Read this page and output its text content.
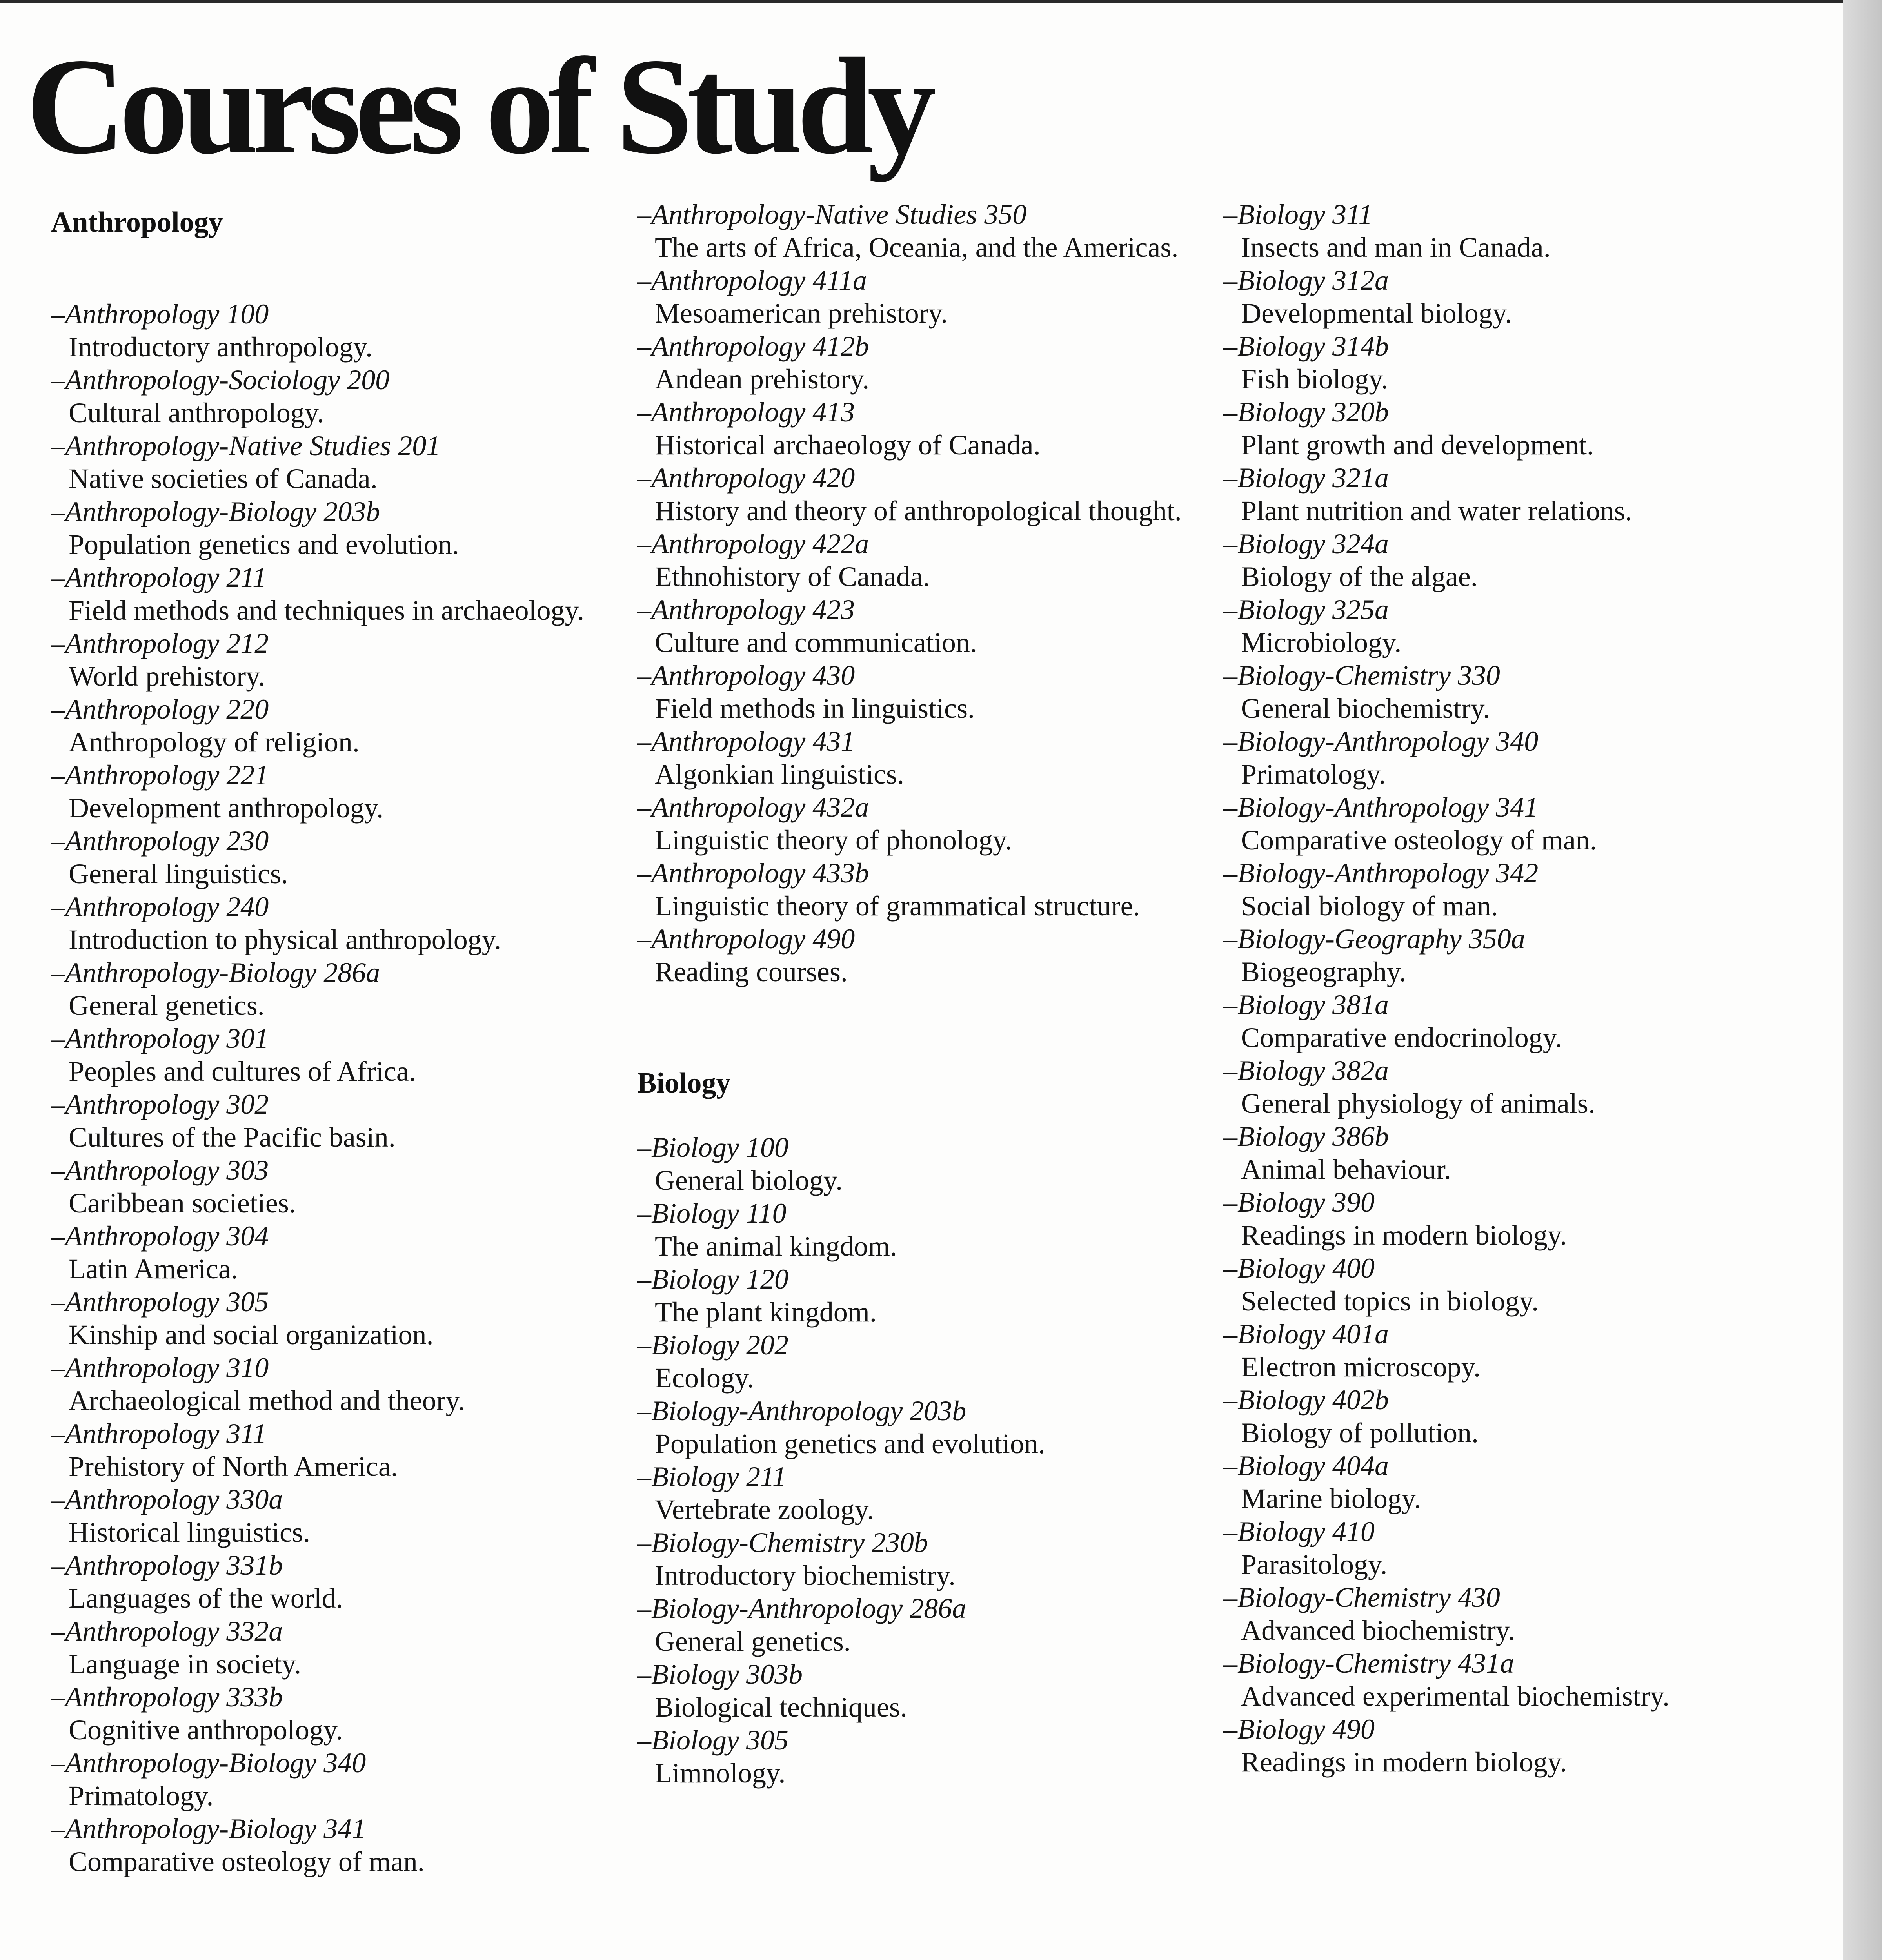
Courses of Study
Anthropology
–Anthropology 100
Introductory anthropology.
–Anthropology-Sociology 200
Cultural anthropology.
–Anthropology-Native Studies 201
Native societies of Canada.
–Anthropology-Biology 203b
Population genetics and evolution.
–Anthropology 211
Field methods and techniques in archaeology.
–Anthropology 212
World prehistory.
–Anthropology 220
Anthropology of religion.
–Anthropology 221
Development anthropology.
–Anthropology 230
General linguistics.
–Anthropology 240
Introduction to physical anthropology.
–Anthropology-Biology 286a
General genetics.
–Anthropology 301
Peoples and cultures of Africa.
–Anthropology 302
Cultures of the Pacific basin.
–Anthropology 303
Caribbean societies.
–Anthropology 304
Latin America.
–Anthropology 305
Kinship and social organization.
–Anthropology 310
Archaeological method and theory.
–Anthropology 311
Prehistory of North America.
–Anthropology 330a
Historical linguistics.
–Anthropology 331b
Languages of the world.
–Anthropology 332a
Language in society.
–Anthropology 333b
Cognitive anthropology.
–Anthropology-Biology 340
Primatology.
–Anthropology-Biology 341
Comparative osteology of man.
–Anthropology-Native Studies 350
The arts of Africa, Oceania, and the Americas.
–Anthropology 411a
Mesoamerican prehistory.
–Anthropology 412b
Andean prehistory.
–Anthropology 413
Historical archaeology of Canada.
–Anthropology 420
History and theory of anthropological thought.
–Anthropology 422a
Ethnohistory of Canada.
–Anthropology 423
Culture and communication.
–Anthropology 430
Field methods in linguistics.
–Anthropology 431
Algonkian linguistics.
–Anthropology 432a
Linguistic theory of phonology.
–Anthropology 433b
Linguistic theory of grammatical structure.
–Anthropology 490
Reading courses.
Biology
–Biology 100
General biology.
–Biology 110
The animal kingdom.
–Biology 120
The plant kingdom.
–Biology 202
Ecology.
–Biology-Anthropology 203b
Population genetics and evolution.
–Biology 211
Vertebrate zoology.
–Biology-Chemistry 230b
Introductory biochemistry.
–Biology-Anthropology 286a
General genetics.
–Biology 303b
Biological techniques.
–Biology 305
Limnology.
–Biology 311
Insects and man in Canada.
–Biology 312a
Developmental biology.
–Biology 314b
Fish biology.
–Biology 320b
Plant growth and development.
–Biology 321a
Plant nutrition and water relations.
–Biology 324a
Biology of the algae.
–Biology 325a
Microbiology.
–Biology-Chemistry 330
General biochemistry.
–Biology-Anthropology 340
Primatology.
–Biology-Anthropology 341
Comparative osteology of man.
–Biology-Anthropology 342
Social biology of man.
–Biology-Geography 350a
Biogeography.
–Biology 381a
Comparative endocrinology.
–Biology 382a
General physiology of animals.
–Biology 386b
Animal behaviour.
–Biology 390
Readings in modern biology.
–Biology 400
Selected topics in biology.
–Biology 401a
Electron microscopy.
–Biology 402b
Biology of pollution.
–Biology 404a
Marine biology.
–Biology 410
Parasitology.
–Biology-Chemistry 430
Advanced biochemistry.
–Biology-Chemistry 431a
Advanced experimental biochemistry.
–Biology 490
Readings in modern biology.
